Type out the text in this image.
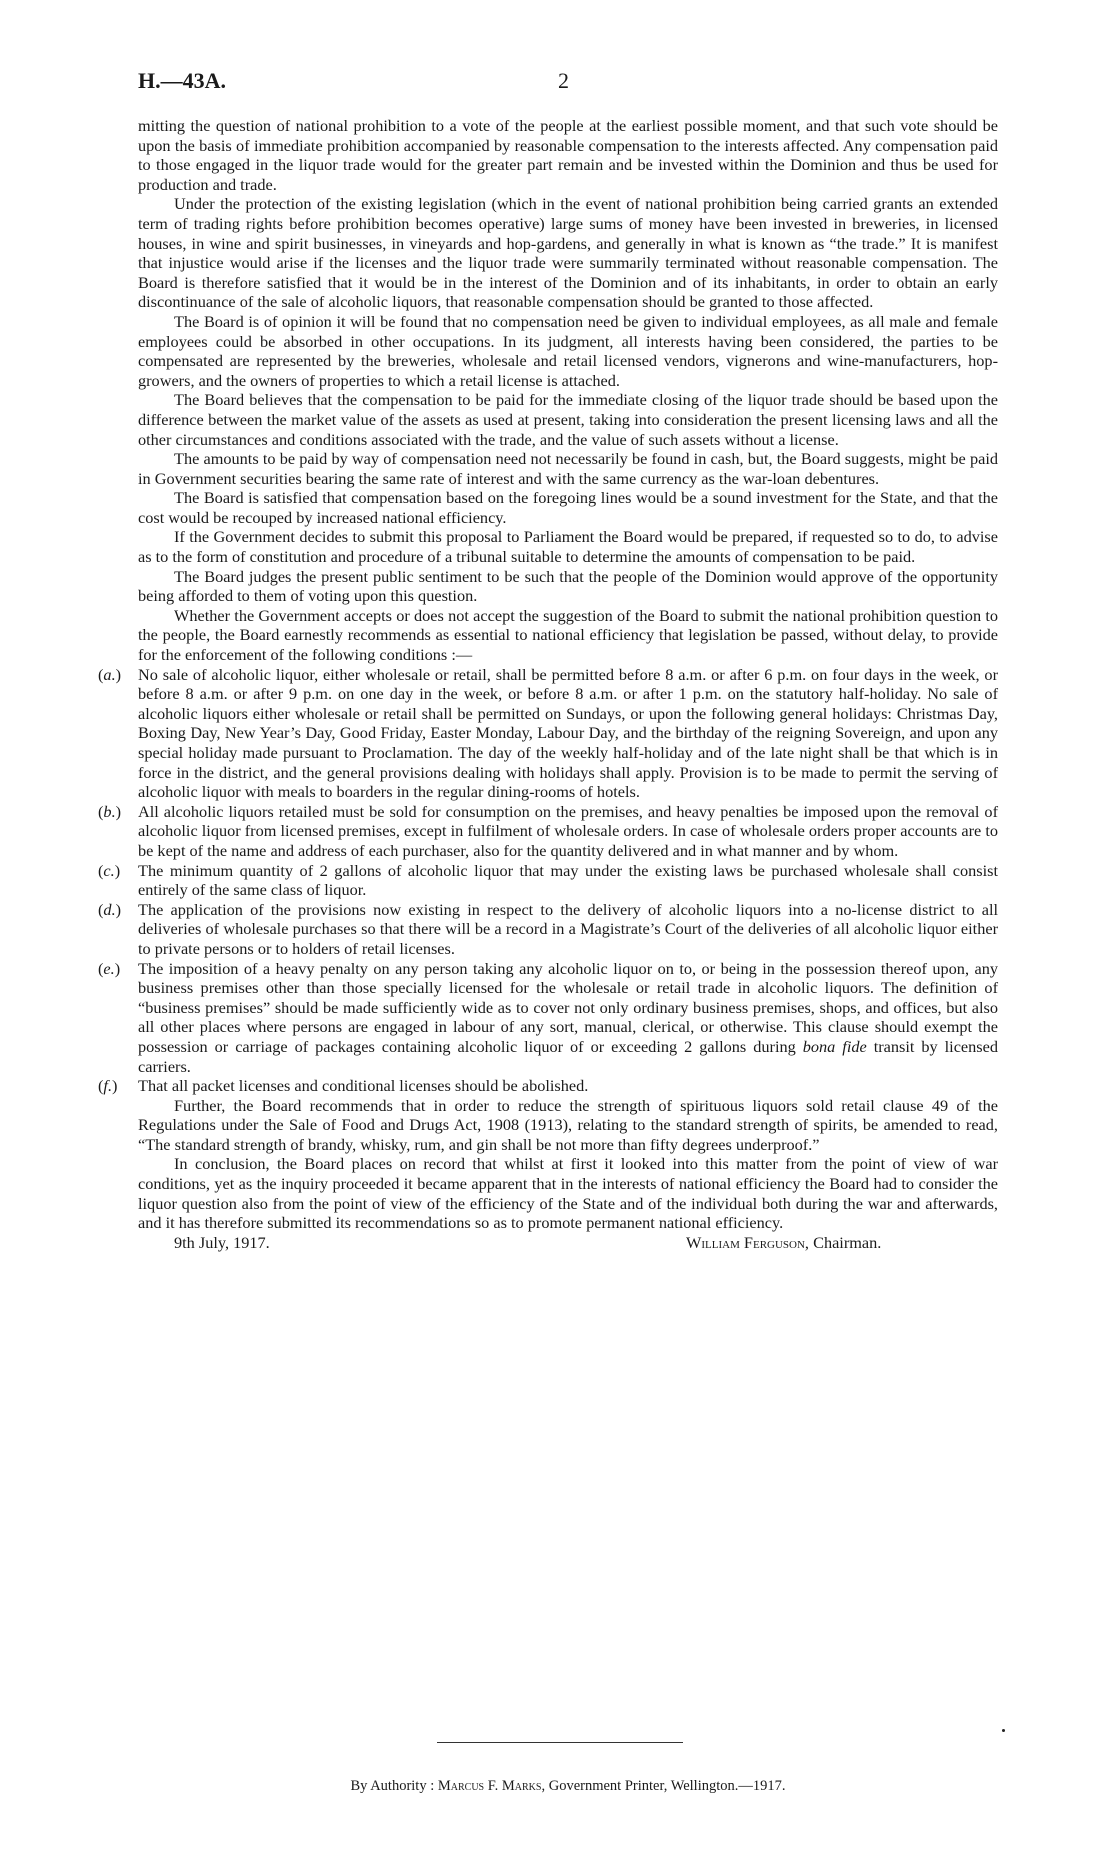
H.—43A.	2

mitting the question of national prohibition to a vote of the people at the earliest possible moment, and that such vote should be upon the basis of immediate prohibition accompanied by reasonable compensation to the interests affected. Any compensation paid to those engaged in the liquor trade would for the greater part remain and be invested within the Dominion and thus be used for production and trade.

Under the protection of the existing legislation (which in the event of national prohibition being carried grants an extended term of trading rights before prohibition becomes operative) large sums of money have been invested in breweries, in licensed houses, in wine and spirit businesses, in vineyards and hop-gardens, and generally in what is known as “the trade.” It is manifest that injustice would arise if the licenses and the liquor trade were summarily terminated without reasonable compensation. The Board is therefore satisfied that it would be in the interest of the Dominion and of its inhabitants, in order to obtain an early discontinuance of the sale of alcoholic liquors, that reasonable compensation should be granted to those affected.

The Board is of opinion it will be found that no compensation need be given to individual employees, as all male and female employees could be absorbed in other occupations. In its judgment, all interests having been considered, the parties to be compensated are represented by the breweries, wholesale and retail licensed vendors, vignerons and wine-manufacturers, hop-growers, and the owners of properties to which a retail license is attached.

The Board believes that the compensation to be paid for the immediate closing of the liquor trade should be based upon the difference between the market value of the assets as used at present, taking into consideration the present licensing laws and all the other circumstances and conditions associated with the trade, and the value of such assets without a license.

The amounts to be paid by way of compensation need not necessarily be found in cash, but, the Board suggests, might be paid in Government securities bearing the same rate of interest and with the same currency as the war-loan debentures.

The Board is satisfied that compensation based on the foregoing lines would be a sound investment for the State, and that the cost would be recouped by increased national efficiency.

If the Government decides to submit this proposal to Parliament the Board would be prepared, if requested so to do, to advise as to the form of constitution and procedure of a tribunal suitable to determine the amounts of compensation to be paid.

The Board judges the present public sentiment to be such that the people of the Dominion would approve of the opportunity being afforded to them of voting upon this question.

Whether the Government accepts or does not accept the suggestion of the Board to submit the national prohibition question to the people, the Board earnestly recommends as essential to national efficiency that legislation be passed, without delay, to provide for the enforcement of the following conditions :—

(a.) No sale of alcoholic liquor, either wholesale or retail, shall be permitted before 8 a.m. or after 6 p.m. on four days in the week, or before 8 a.m. or after 9 p.m. on one day in the week, or before 8 a.m. or after 1 p.m. on the statutory half-holiday. No sale of alcoholic liquors either wholesale or retail shall be permitted on Sundays, or upon the following general holidays: Christmas Day, Boxing Day, New Year’s Day, Good Friday, Easter Monday, Labour Day, and the birthday of the reigning Sovereign, and upon any special holiday made pursuant to Proclamation. The day of the weekly half-holiday and of the late night shall be that which is in force in the district, and the general provisions dealing with holidays shall apply. Provision is to be made to permit the serving of alcoholic liquor with meals to boarders in the regular dining-rooms of hotels.

(b.) All alcoholic liquors retailed must be sold for consumption on the premises, and heavy penalties be imposed upon the removal of alcoholic liquor from licensed premises, except in fulfilment of wholesale orders. In case of wholesale orders proper accounts are to be kept of the name and address of each purchaser, also for the quantity delivered and in what manner and by whom.

(c.) The minimum quantity of 2 gallons of alcoholic liquor that may under the existing laws be purchased wholesale shall consist entirely of the same class of liquor.

(d.) The application of the provisions now existing in respect to the delivery of alcoholic liquors into a no-license district to all deliveries of wholesale purchases so that there will be a record in a Magistrate’s Court of the deliveries of all alcoholic liquor either to private persons or to holders of retail licenses.

(e.) The imposition of a heavy penalty on any person taking any alcoholic liquor on to, or being in the possession thereof upon, any business premises other than those specially licensed for the wholesale or retail trade in alcoholic liquors. The definition of “business premises” should be made sufficiently wide as to cover not only ordinary business premises, shops, and offices, but also all other places where persons are engaged in labour of any sort, manual, clerical, or otherwise. This clause should exempt the possession or carriage of packages containing alcoholic liquor of or exceeding 2 gallons during bona fide transit by licensed carriers.

(f.) That all packet licenses and conditional licenses should be abolished.

Further, the Board recommends that in order to reduce the strength of spirituous liquors sold retail clause 49 of the Regulations under the Sale of Food and Drugs Act, 1908 (1913), relating to the standard strength of spirits, be amended to read, “The standard strength of brandy, whisky, rum, and gin shall be not more than fifty degrees underproof.”

In conclusion, the Board places on record that whilst at first it looked into this matter from the point of view of war conditions, yet as the inquiry proceeded it became apparent that in the interests of national efficiency the Board had to consider the liquor question also from the point of view of the efficiency of the State and of the individual both during the war and afterwards, and it has therefore submitted its recommendations so as to promote permanent national efficiency.

9th July, 1917.	William Ferguson, Chairman.
By Authority : Marcus F. Marks, Government Printer, Wellington.—1917.
